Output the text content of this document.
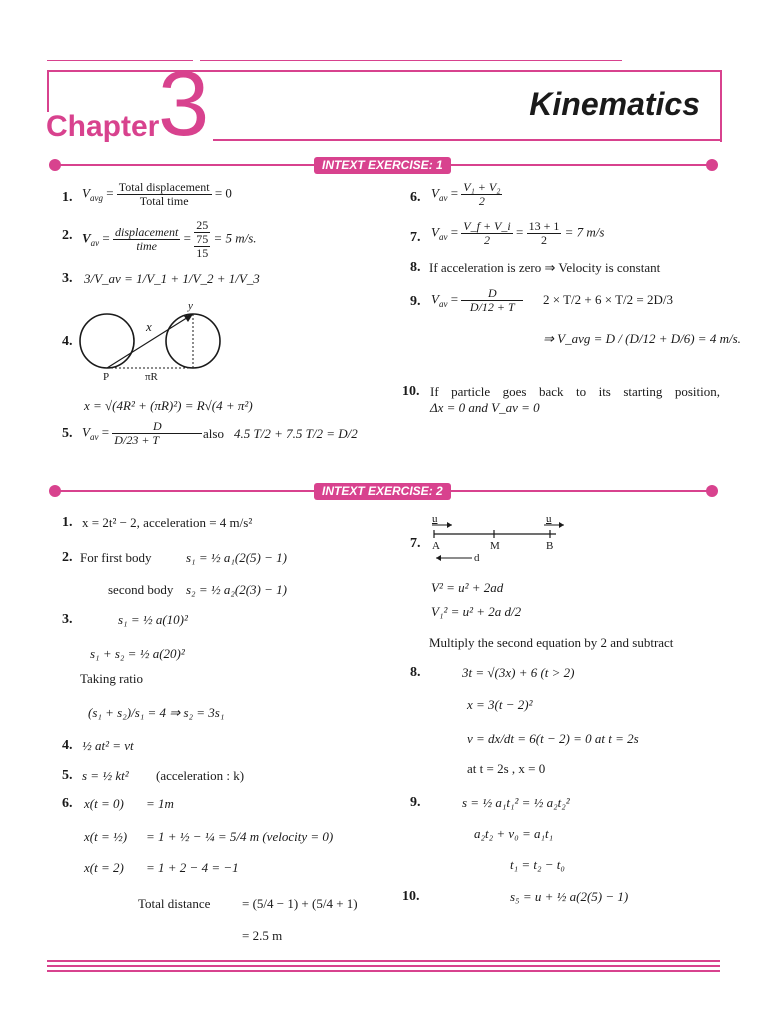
Chapter
3	Kinematics
INTEXT EXERCISE: 1
1. $V_{avg} = \frac{\text{Total displacement}}{\text{Total time}} = 0$
2. $V_{av} = \frac{\text{displacement}}{\text{time}}$ =
25
75
15
= 5 m/s.
3. 3/V_av = 1/V_1 + 1/V_2 + 1/V_3
4.
x
y
P	πR
x = √(4R² + (πR)²) = R√(4 + π²)
5. $V_{av} = \frac{D}{D/23 + T}$ also 4.5 T/2 + 7.5 T/2 = D/2
6. $V_{av} = \frac{\text{V₁ + V₂}}{2}$
7. $V_{av} = \frac{V\_f + V\_i}{2} = \frac{13 + 1}{2} = 7$ m/s
8. If acceleration is zero ⇒ Velocity is constant
9. $V_{av} = \frac{D}{D/12 + T} 2 \times T/2 + 6 \times T/2 = 2D/3$
⇒ V_avg = D / (D/12 + D/6) = 4 m/s.
10. If particle goes back to its starting position,
Δx = 0 and V_av = 0
INTEXT EXERCISE: 2
1. x = 2t² − 2, acceleration = 4 m/s²
2. For first body	s₁ = ½ a₁(2(5) − 1)
second body s₂ = ½ a₂(2(3) − 1)
3.	s₁ = ½ a(10)²
s₁ + s₂ = ½ a(20)²
Taking ratio
(s₁ + s₂)/s₁ = 4 ⇒ s₂ = 3s₁
4. ½ at² = vt
5. s = ½ kt² (acceleration : k)
6. x(t = 0) = 1m
x(t = ½) = 1 + ½ − ¼ = 5/4 m (velocity = 0)
x(t = 2) = 1 + 2 − 4 = −1
Total distance = (5/4 − 1) + (5/4 + 1)
= 2.5 m
7.
u	u
A	M	B
d
V² = u² + 2ad
V₁² = u² + 2a d/2
Multiply the second equation by 2 and subtract
8.	3t = √(3x) + 6 (t > 2)
x = 3(t − 2)²
v = dx/dt = 6(t − 2) = 0 at t = 2s
at t = 2s , x = 0
9.	s = ½ a₁t₁² = ½ a₂t₂²
a₂t₂ + v₀ = a₁t₁
t₁ = t₂ − t₀
10.	s₅ = u + ½ a(2(5) − 1)
